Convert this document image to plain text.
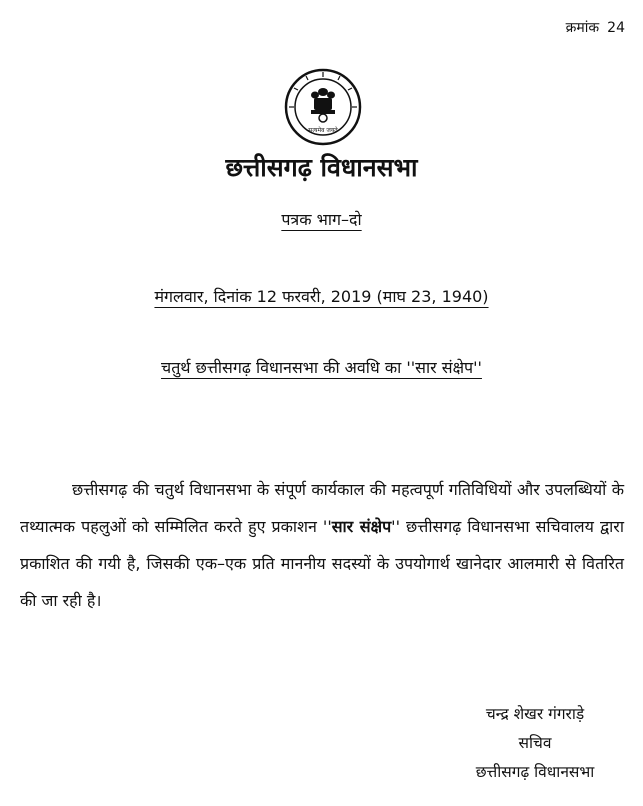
क्रमांक 24
सत्यमेव जयते
छत्तीसगढ़ विधानसभा
पत्रक भाग–दो
मंगलवार, दिनांक 12 फरवरी, 2019 (माघ 23, 1940)
चतुर्थ छत्तीसगढ़ विधानसभा की अवधि का ''सार संक्षेप''

छत्तीसगढ़ की चतुर्थ विधानसभा के संपूर्ण कार्यकाल की महत्वपूर्ण गतिविधियों और उपलब्धियों के तथ्यात्मक पहलुओं को सम्मिलित करते हुए प्रकाशन ''सार संक्षेप'' छत्तीसगढ़ विधानसभा सचिवालय द्वारा प्रकाशित की गयी है, जिसकी एक–एक प्रति माननीय सदस्यों के उपयोगार्थ खानेदार आलमारी से वितरित की जा रही है।

चन्द्र शेखर गंगराड़े
सचिव
छत्तीसगढ़ विधानसभा
